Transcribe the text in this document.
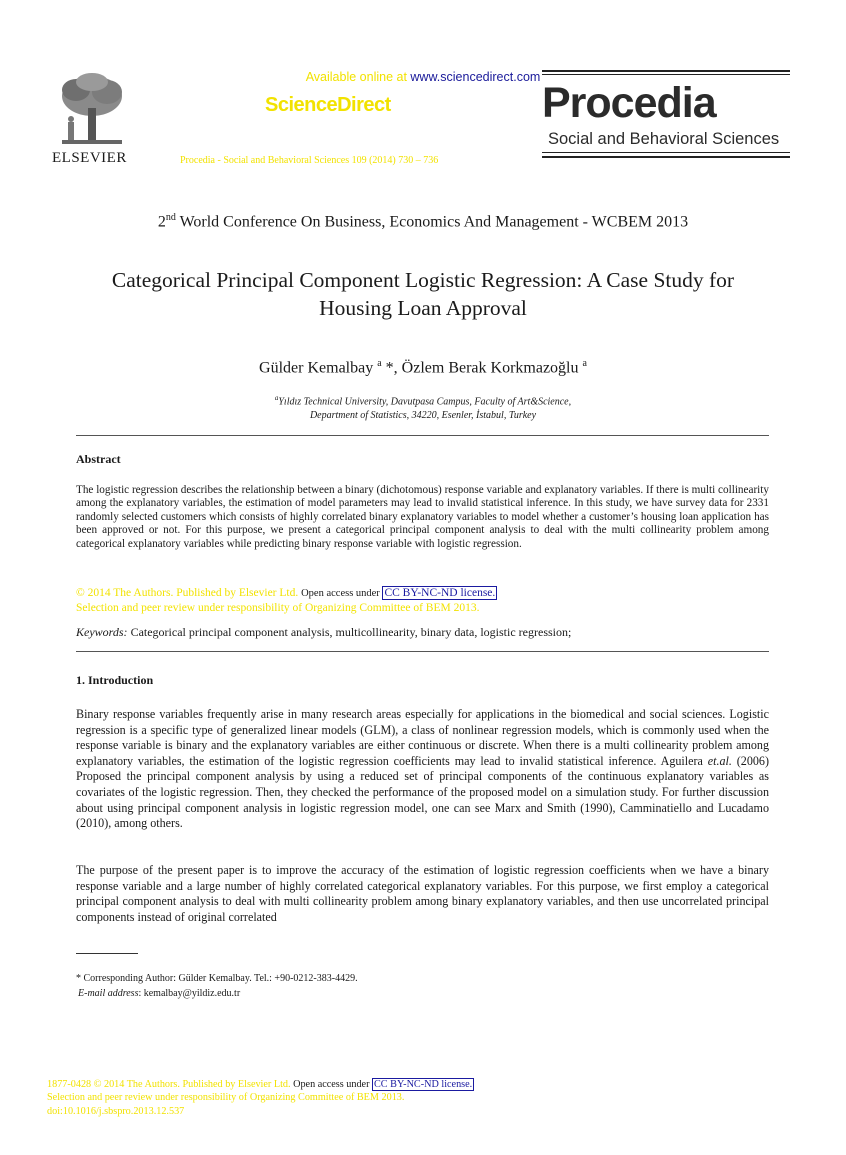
ELSEVIER
Available online at www.sciencedirect.com
ScienceDirect
Procedia - Social and Behavioral Sciences 109 (2014) 730 – 736
Procedia
Social and Behavioral Sciences
2nd World Conference On Business, Economics And Management - WCBEM 2013
Categorical Principal Component Logistic Regression: A Case Study for Housing Loan Approval
Gülder Kemalbay $^a$ *, Özlem Berak Korkmazoğlu $^a$
$^a$Yıldız Technical University, Davutpasa Campus, Faculty of Art&Science,
Department of Statistics, 34220, Esenler, İstabul, Turkey
Abstract

The logistic regression describes the relationship between a binary (dichotomous) response variable and explanatory variables. If there is multi collinearity among the explanatory variables, the estimation of model parameters may lead to invalid statistical inference. In this study, we have survey data for 2331 randomly selected customers which consists of highly correlated binary explanatory variables to model whether a customer’s housing loan application has been approved or not. For this purpose, we present a categorical principal component analysis to deal with the multi collinearity problem among categorical explanatory variables while predicting binary response variable with logistic regression.

© 2014 The Authors. Published by Elsevier Ltd. Open access under CC BY-NC-ND license.
Selection and peer review under responsibility of Organizing Committee of BEM 2013.
Keywords: Categorical principal component analysis, multicollinearity, binary data, logistic regression;
1. Introduction

Binary response variables frequently arise in many research areas especially for applications in the biomedical and social sciences. Logistic regression is a specific type of generalized linear models (GLM), a class of nonlinear regression models, which is commonly used when the response variable is binary and the explanatory variables are either continuous or discrete. When there is a multi collinearity problem among explanatory variables, the estimation of the logistic regression coefficients may lead to invalid statistical inference. Aguilera et.al. (2006) Proposed the principal component analysis by using a reduced set of principal components of the continuous explanatory variables as covariates of the logistic regression. Then, they checked the performance of the proposed model on a simulation study. For further discussion about using principal component analysis in logistic regression model, one can see Marx and Smith (1990), Camminatiello and Lucadamo (2010), among others.

The purpose of the present paper is to improve the accuracy of the estimation of logistic regression coefficients when we have a binary response variable and a large number of highly correlated categorical explanatory variables. For this purpose, we first employ a categorical principal component analysis to deal with multi collinearity problem among binary explanatory variables, and then use uncorrelated principal components instead of original correlated

* Corresponding Author: Gülder Kemalbay. Tel.: +90-0212-383-4429.
E-mail address: kemalbay@yildiz.edu.tr
1877-0428 © 2014 The Authors. Published by Elsevier Ltd. Open access under CC BY-NC-ND license.
Selection and peer review under responsibility of Organizing Committee of BEM 2013.
doi:10.1016/j.sbspro.2013.12.537
